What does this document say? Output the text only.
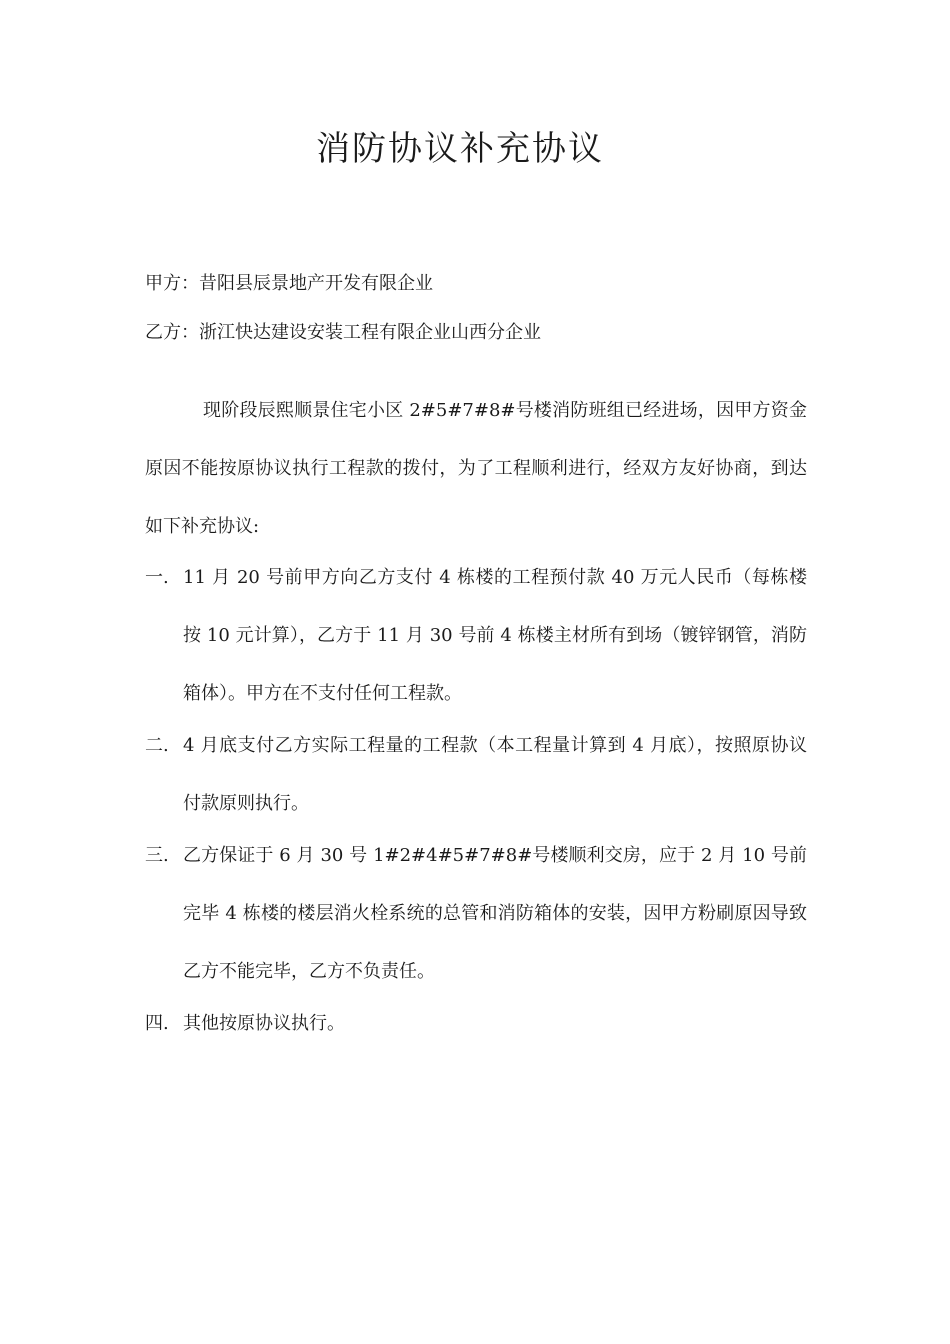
消防协议补充协议
甲方：昔阳县辰景地产开发有限企业
乙方：浙江快达建设安装工程有限企业山西分企业

现阶段辰熙顺景住宅小区 2#5#7#8#号楼消防班组已经进场，因甲方资金原因不能按原协议执行工程款的拨付，为了工程顺利进行，经双方友好协商，到达如下补充协议:

一. 11 月 20 号前甲方向乙方支付 4 栋楼的工程预付款 40 万元人民币（每栋楼按 10 元计算），乙方于 11 月 30 号前 4 栋楼主材所有到场（镀锌钢管，消防箱体）。甲方在不支付任何工程款。
二. 4 月底支付乙方实际工程量的工程款（本工程量计算到 4 月底），按照原协议付款原则执行。
三. 乙方保证于 6 月 30 号 1#2#4#5#7#8#号楼顺利交房，应于 2 月 10 号前完毕 4 栋楼的楼层消火栓系统的总管和消防箱体的安装，因甲方粉刷原因导致乙方不能完毕，乙方不负责任。
四. 其他按原协议执行。
